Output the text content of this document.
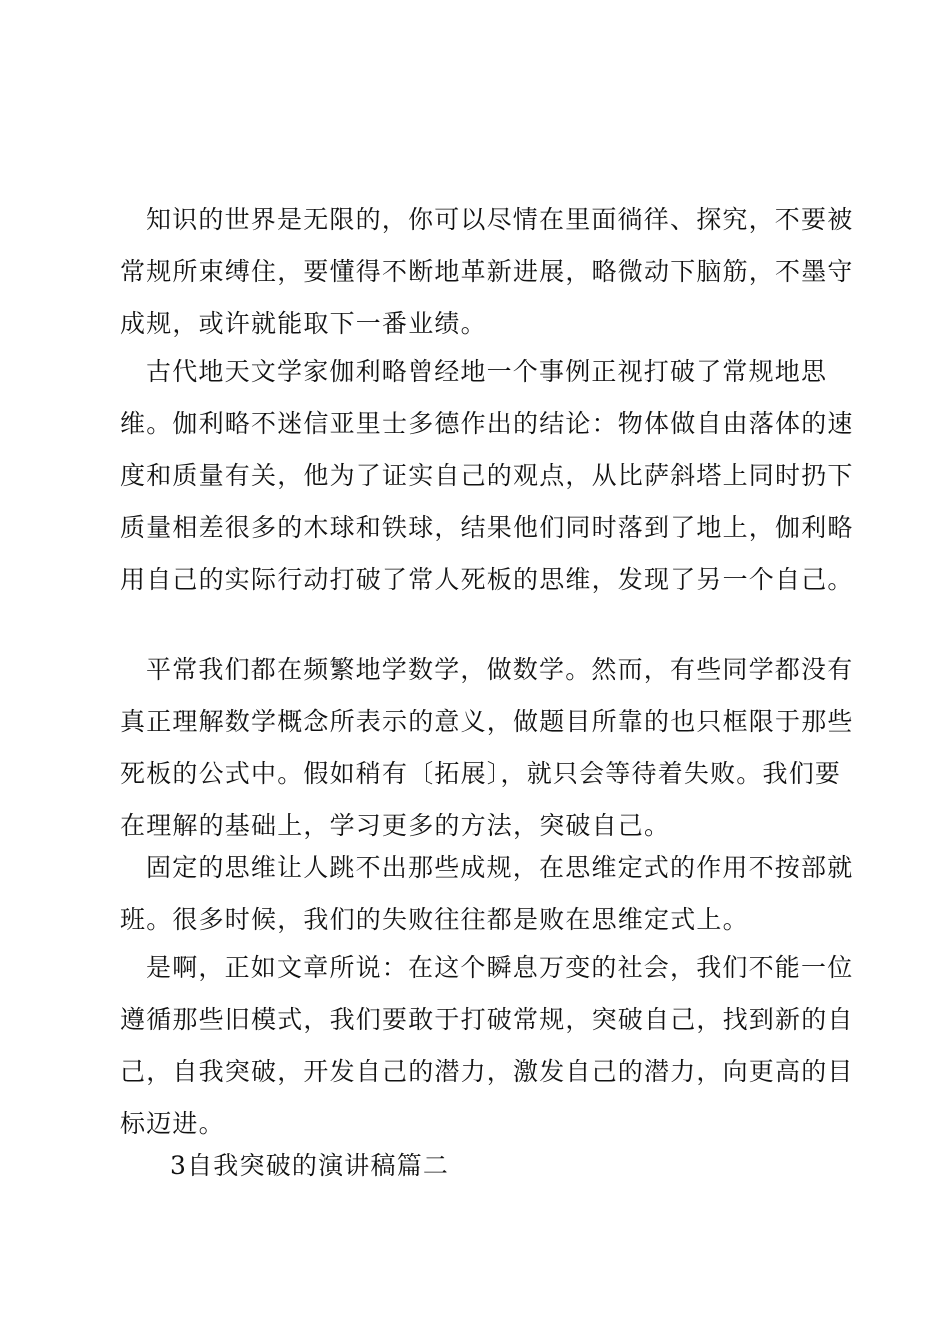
知识的世界是无限的，你可以尽情在里面徜徉、探究，不要被常规所束缚住，要懂得不断地革新进展，略微动下脑筋，不墨守成规，或许就能取下一番业绩。

古代地天文学家伽利略曾经地一个事例正视打破了常规地思维。伽利略不迷信亚里士多德作出的结论：物体做自由落体的速度和质量有关，他为了证实自己的观点，从比萨斜塔上同时扔下质量相差很多的木球和铁球，结果他们同时落到了地上，伽利略用自己的实际行动打破了常人死板的思维，发现了另一个自己。

平常我们都在频繁地学数学，做数学。然而，有些同学都没有真正理解数学概念所表示的意义，做题目所靠的也只框限于那些死板的公式中。假如稍有〔拓展〕，就只会等待着失败。我们要在理解的基础上，学习更多的方法，突破自己。

固定的思维让人跳不出那些成规，在思维定式的作用不按部就班。很多时候，我们的失败往往都是败在思维定式上。

是啊，正如文章所说：在这个瞬息万变的社会，我们不能一位遵循那些旧模式，我们要敢于打破常规，突破自己，找到新的自己，自我突破，开发自己的潜力，激发自己的潜力，向更高的目标迈进。

3自我突破的演讲稿篇二
